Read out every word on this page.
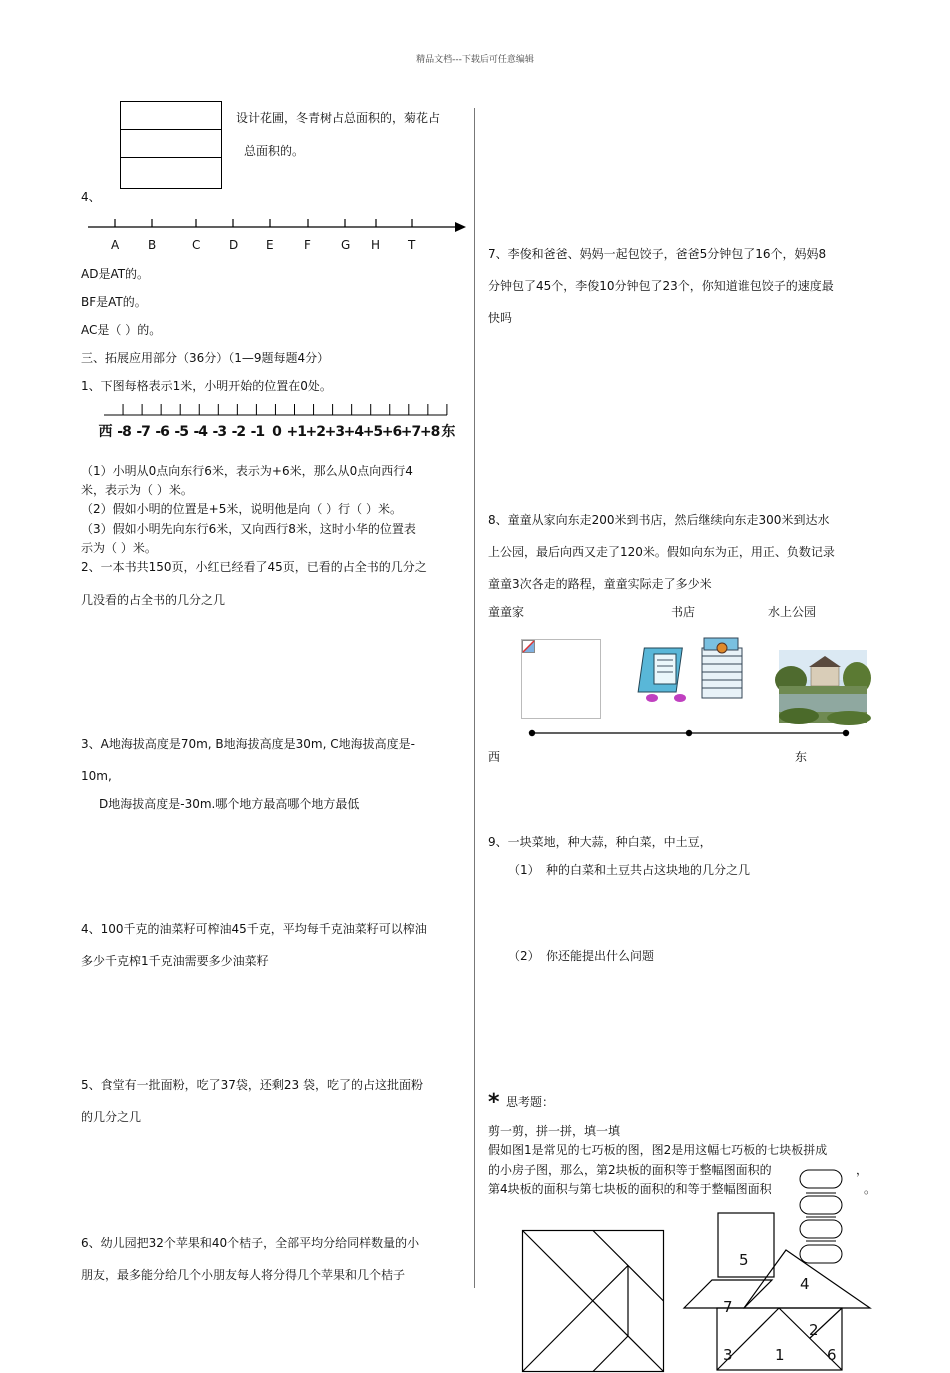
精品文档---下载后可任意编辑
设计花圃，冬青树占总面积的，菊花占
总面积的。
4、
A B	C D E	F	G H T
AD是AT的。
BF是AT的。
AC是（ ）的。
三、拓展应用部分（36分）（1—9题每题4分）
1、下图每格表示1米，小明开始的位置在0处。
西 -8 -7 -6 -5 -4 -3 -2 -1 0 +1 +2 +3 +4 +5 +6 +7 +8 东
（1）小明从0点向东行6米，表示为+6米，那么从0点向西行4
米，表示为（ ）米。
（2）假如小明的位置是+5米，说明他是向（ ）行（ ）米。
（3）假如小明先向东行6米，又向西行8米，这时小华的位置表
示为（ ）米。
2、一本书共150页，小红已经看了45页，已看的占全书的几分之
几没看的占全书的几分之几
3、A地海拔高度是70m, B地海拔高度是30m, C地海拔高度是-
10m,
D地海拔高度是-30m.哪个地方最高哪个地方最低
4、100千克的油菜籽可榨油45千克，平均每千克油菜籽可以榨油
多少千克榨1千克油需要多少油菜籽
5、食堂有一批面粉，吃了37袋，还剩23 袋，吃了的占这批面粉
的几分之几
6、幼儿园把32个苹果和40个桔子，全部平均分给同样数量的小
朋友，最多能分给几个小朋友每人将分得几个苹果和几个桔子
7、李俊和爸爸、妈妈一起包饺子，爸爸5分钟包了16个，妈妈8
分钟包了45个，李俊10分钟包了23个，你知道谁包饺子的速度最
快吗
8、童童从家向东走200米到书店，然后继续向东走300米到达水
上公园，最后向西又走了120米。假如向东为正，用正、负数记录
童童3次各走的路程，童童实际走了多少米
童童家	书店	水上公园
西	东
9、一块菜地，种大蒜，种白菜，中土豆，
（1） 种的白菜和土豆共占这块地的几分之几
（2） 你还能提出什么问题
* 思考题：
剪一剪，拼一拼，填一填
假如图1是常见的七巧板的图，图2是用这幅七巧板的七块板拼成
的小房子图，那么，第2块板的面积等于整幅图面积的	，
第4块板的面积与第七块板的面积的和等于整幅图面积	。
5
4
7
2
3	1	6
